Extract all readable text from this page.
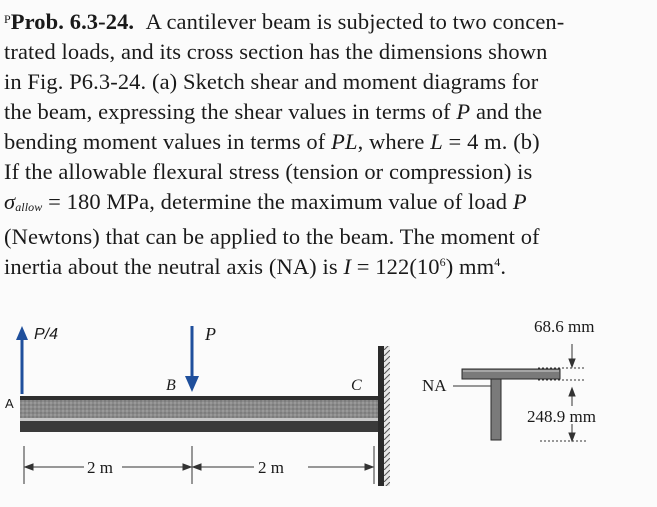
$^P$Prob. 6.3-24. A cantilever beam is subjected to two concen-
trated loads, and its cross section has the dimensions shown
in Fig. P6.3-24. (a) Sketch shear and moment diagrams for
the beam, expressing the shear values in terms of P and the
bending moment values in terms of PL, where L = 4 m. (b)
If the allowable flexural stress (tension or compression) is
σallow = 180 MPa, determine the maximum value of load P
(Newtons) that can be applied to the beam. The moment of
inertia about the neutral axis (NA) is $I = 122(10^6)$ $mm^4$.
P/4
A
P
B	C
2 m	2 m
NA
68.6 mm
248.9 mm
